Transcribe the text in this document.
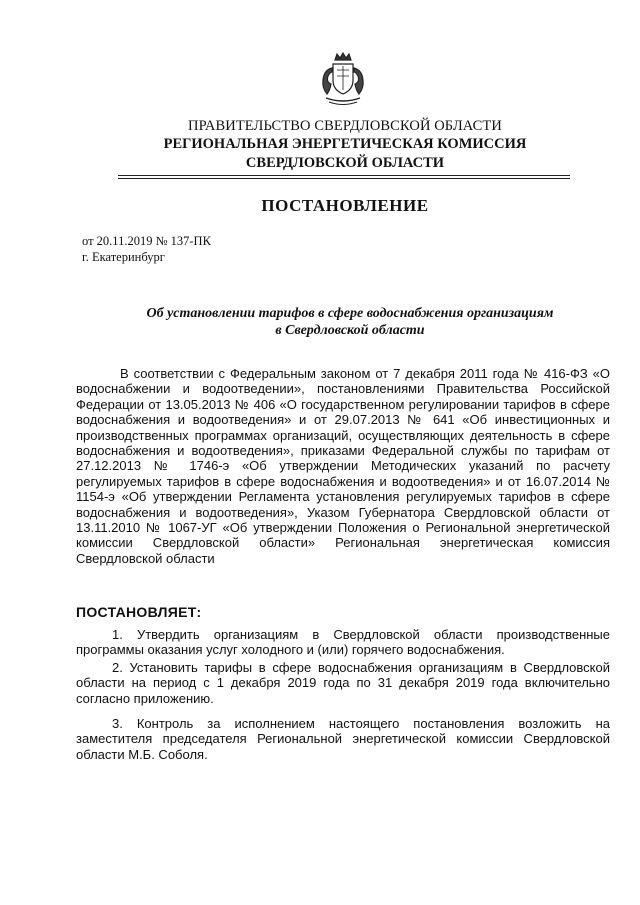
ПРАВИТЕЛЬСТВО СВЕРДЛОВСКОЙ ОБЛАСТИ
РЕГИОНАЛЬНАЯ ЭНЕРГЕТИЧЕСКАЯ КОМИССИЯ
СВЕРДЛОВСКОЙ ОБЛАСТИ
ПОСТАНОВЛЕНИЕ
от 20.11.2019 № 137-ПК
г. Екатеринбург
Об установлении тарифов в сфере водоснабжения организациям
в Свердловской области
В соответствии с Федеральным законом от 7 декабря 2011 года № 416-ФЗ «О водоснабжении и водоотведении», постановлениями Правительства Российской Федерации от 13.05.2013 № 406 «О государственном регулировании тарифов в сфере водоснабжения и водоотведения» и от 29.07.2013 № 641 «Об инвестиционных и производственных программах организаций, осуществляющих деятельность в сфере водоснабжения и водоотведения», приказами Федеральной службы по тарифам от 27.12.2013 № 1746-э «Об утверждении Методических указаний по расчету регулируемых тарифов в сфере водоснабжения и водоотведения» и от 16.07.2014 № 1154-э «Об утверждении Регламента установления регулируемых тарифов в сфере водоснабжения и водоотведения», Указом Губернатора Свердловской области от 13.11.2010 № 1067-УГ «Об утверждении Положения о Региональной энергетической комиссии Свердловской области» Региональная энергетическая комиссия Свердловской области
ПОСТАНОВЛЯЕТ:
1. Утвердить организациям в Свердловской области производственные программы оказания услуг холодного и (или) горячего водоснабжения.
2. Установить тарифы в сфере водоснабжения организациям в Свердловской области на период с 1 декабря 2019 года по 31 декабря 2019 года включительно согласно приложению.
3. Контроль за исполнением настоящего постановления возложить на заместителя председателя Региональной энергетической комиссии Свердловской области М.Б. Соболя.
